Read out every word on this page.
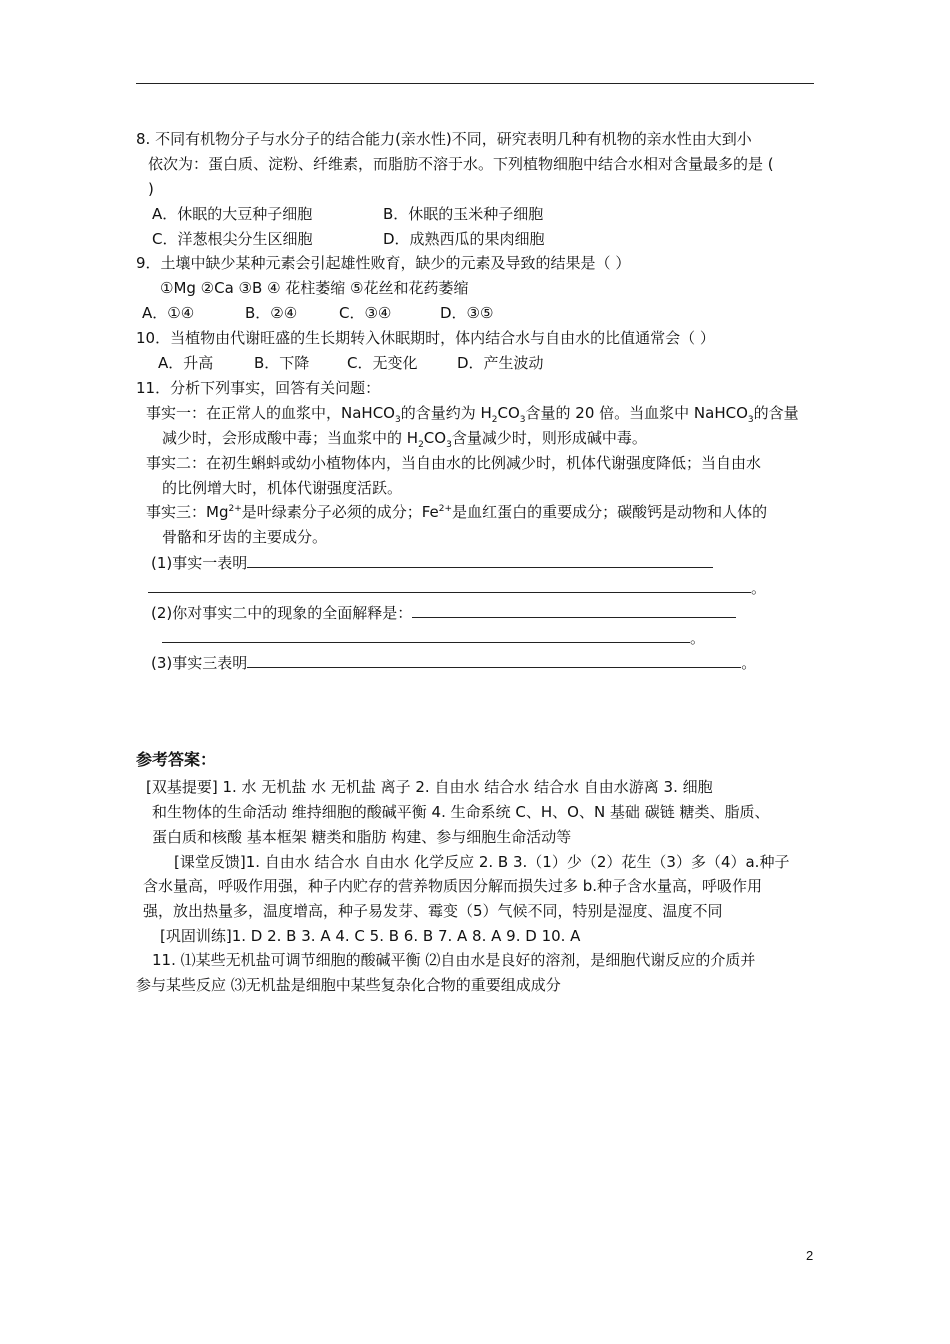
8. 不同有机物分子与水分子的结合能力(亲水性)不同，研究表明几种有机物的亲水性由大到小
依次为：蛋白质、淀粉、纤维素，而脂肪不溶于水。下列植物细胞中结合水相对含量最多的是 (
)
A．休眠的大豆种子细胞	B．休眠的玉米种子细胞
C．洋葱根尖分生区细胞	D．成熟西瓜的果肉细胞
9．土壤中缺少某种元素会引起雄性败育，缺少的元素及导致的结果是（ ）
①Mg ②Ca ③B ④ 花柱萎缩 ⑤花丝和花药萎缩
A．①④	B．②④	C．③④	D．③⑤
10．当植物由代谢旺盛的生长期转入休眠期时，体内结合水与自由水的比值通常会（ ）
A．升高	B．下降	C．无变化	D．产生波动
11．分析下列事实，回答有关问题：
事实一：在正常人的血浆中，NaHCO$_3$的含量约为 $H_2CO_3$含量的 20 倍。当血浆中 NaHCO$_3$的含量
减少时，会形成酸中毒；当血浆中的 $H_2CO_3$含量减少时，则形成碱中毒。
事实二：在初生蝌蚪或幼小植物体内，当自由水的比例减少时，机体代谢强度降低；当自由水
的比例增大时，机体代谢强度活跃。
事实三：$Mg^{2+}$是叶绿素分子必须的成分；$Fe^{2+}$是血红蛋白的重要成分；碳酸钙是动物和人体的
骨骼和牙齿的主要成分。
(1)事实一表明
。
(2)你对事实二中的现象的全面解释是：
。
(3)事实三表明	。
参考答案：
[双基提要] 1. 水 无机盐 水 无机盐 离子 2. 自由水 结合水 结合水 自由水游离 3. 细胞
和生物体的生命活动 维持细胞的酸碱平衡 4. 生命系统 C、H、O、N 基础 碳链 糖类、脂质、
蛋白质和核酸 基本框架 糖类和脂肪 构建、参与细胞生命活动等
[课堂反馈]1. 自由水 结合水 自由水 化学反应 2. B 3.（1）少（2）花生（3）多（4）a.种子
含水量高，呼吸作用强，种子内贮存的营养物质因分解而损失过多 b.种子含水量高，呼吸作用
强，放出热量多，温度增高，种子易发芽、霉变（5）气候不同，特别是湿度、温度不同
[巩固训练]1. D 2. B 3. A 4. C 5. B 6. B 7. A 8. A 9. D 10. A
11. ⑴某些无机盐可调节细胞的酸碱平衡 ⑵自由水是良好的溶剂，是细胞代谢反应的介质并
参与某些反应 ⑶无机盐是细胞中某些复杂化合物的重要组成成分
2
